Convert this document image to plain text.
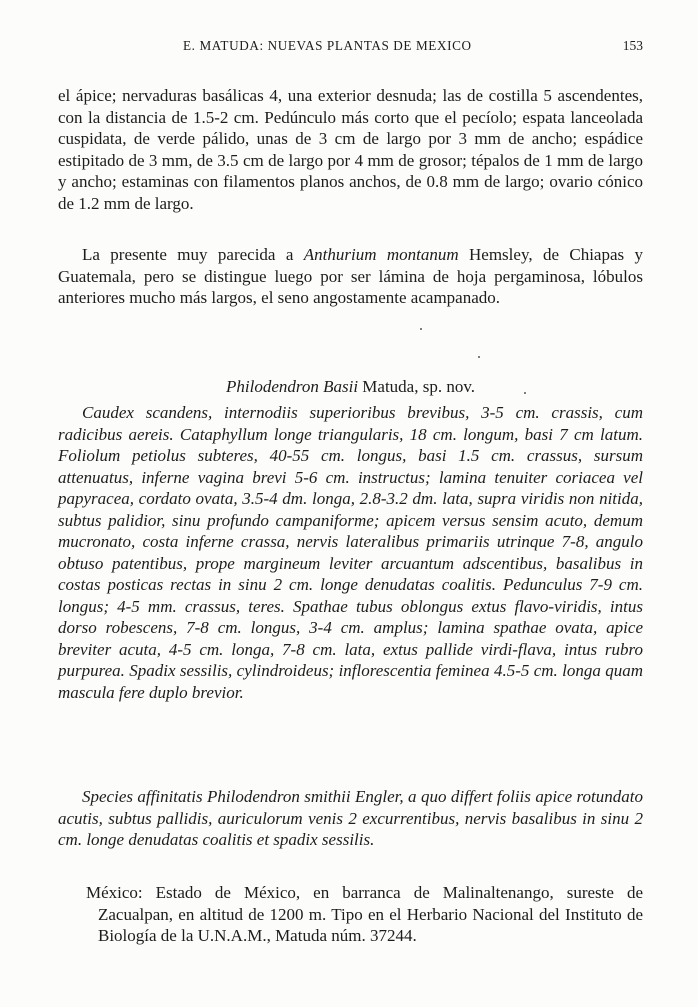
E. MATUDA: NUEVAS PLANTAS DE MEXICO	153

el ápice; nervaduras basálicas 4, una exterior desnuda; las de costilla 5 ascendentes, con la distancia de 1.5-2 cm. Pedúnculo más corto que el pecíolo; espata lanceolada cuspidata, de verde pálido, unas de 3 cm de largo por 3 mm de ancho; espádice estipitado de 3 mm, de 3.5 cm de largo por 4 mm de grosor; tépalos de 1 mm de largo y ancho; estaminas con filamentos planos anchos, de 0.8 mm de largo; ovario cónico de 1.2 mm de largo.

La presente muy parecida a Anthurium montanum Hemsley, de Chiapas y Guatemala, pero se distingue luego por ser lámina de hoja pergaminosa, lóbulos anteriores mucho más largos, el seno angostamente acampanado.

Philodendron Basii Matuda, sp. nov.

Caudex scandens, internodiis superioribus brevibus, 3-5 cm. crassis, cum radicibus aereis. Cataphyllum longe triangularis, 18 cm. longum, basi 7 cm latum. Foliolum petiolus subteres, 40-55 cm. longus, basi 1.5 cm. crassus, sursum attenuatus, inferne vagina brevi 5-6 cm. instructus; lamina tenuiter coriacea vel papyracea, cordato ovata, 3.5-4 dm. longa, 2.8-3.2 dm. lata, supra viridis non nitida, subtus palidior, sinu profundo campaniforme; apicem versus sensim acuto, demum mucronato, costa inferne crassa, nervis lateralibus primariis utrinque 7-8, angulo obtuso patentibus, prope margineum leviter arcuantum adscentibus, basalibus in costas posticas rectas in sinu 2 cm. longe denudatas coalitis. Pedunculus 7-9 cm. longus; 4-5 mm. crassus, teres. Spathae tubus oblongus extus flavo-viridis, intus dorso robescens, 7-8 cm. longus, 3-4 cm. amplus; lamina spathae ovata, apice breviter acuta, 4-5 cm. longa, 7-8 cm. lata, extus pallide virdi-flava, intus rubro purpurea. Spadix sessilis, cylindroideus; inflorescentia feminea 4.5-5 cm. longa quam mascula fere duplo brevior.

Species affinitatis Philodendron smithii Engler, a quo differt foliis apice rotundato acutis, subtus pallidis, auriculorum venis 2 excurrentibus, nervis basalibus in sinu 2 cm. longe denudatas coalitis et spadix sessilis.

México: Estado de México, en barranca de Malinaltenango, sureste de Zacualpan, en altitud de 1200 m. Tipo en el Herbario Nacional del Instituto de Biología de la U.N.A.M., Matuda núm. 37244.
